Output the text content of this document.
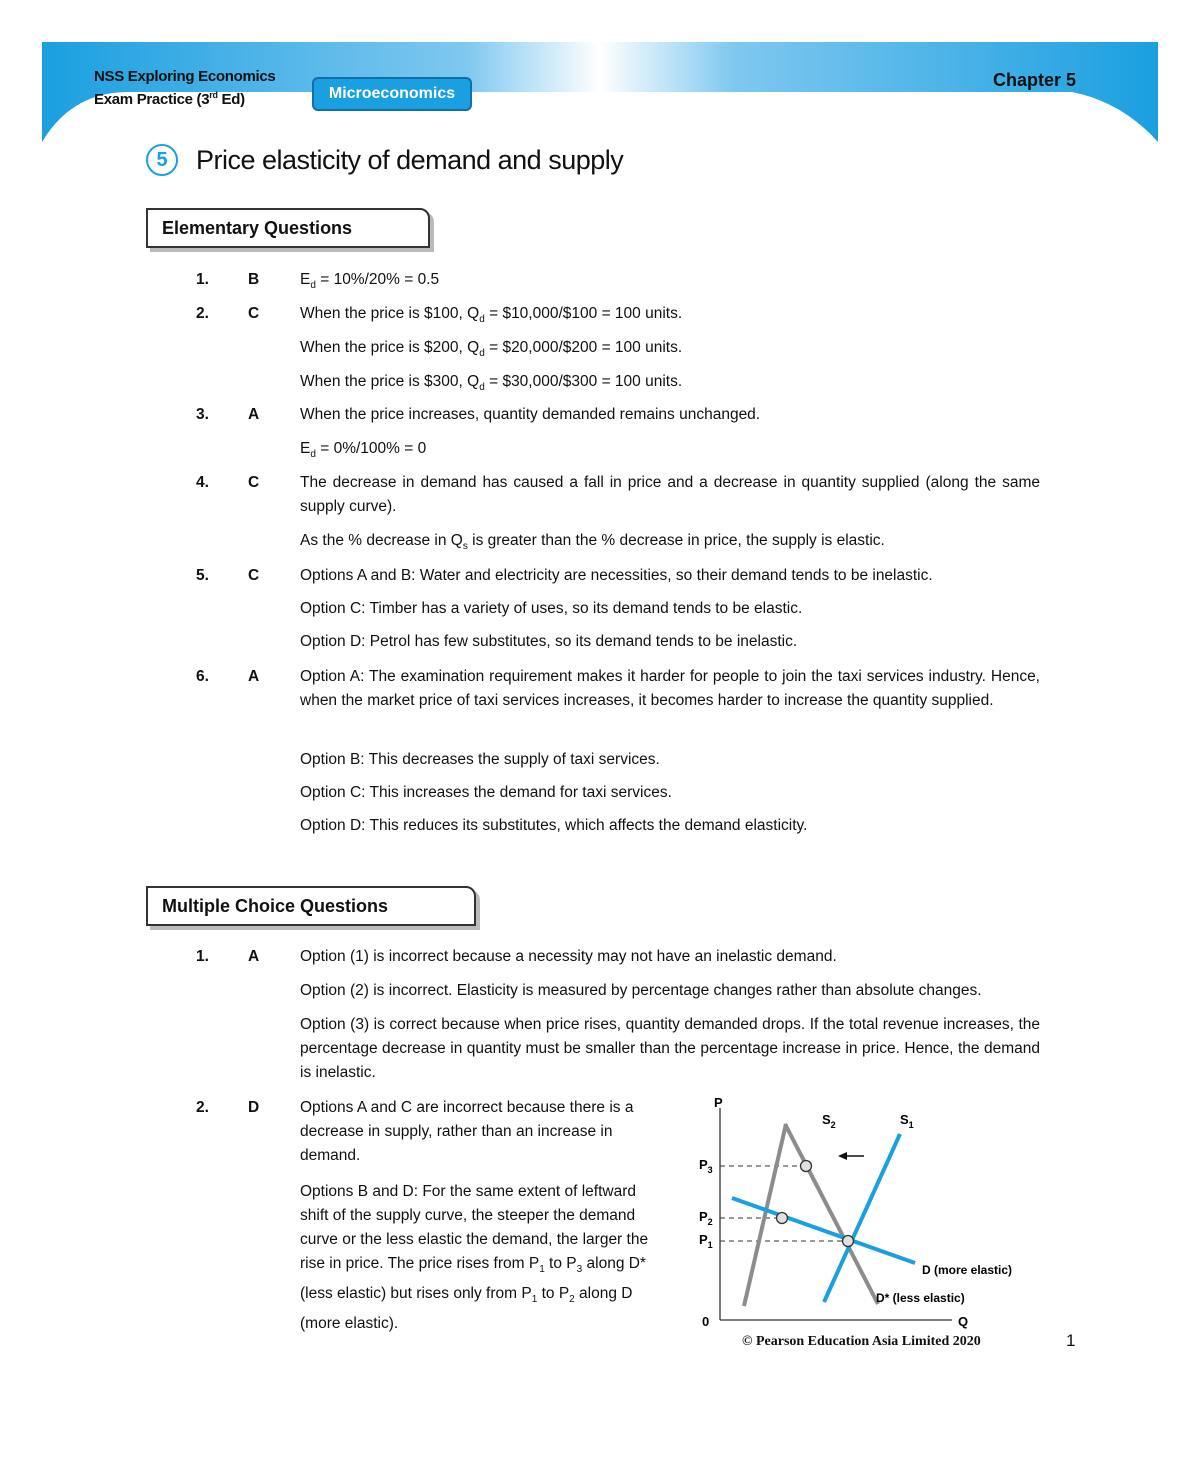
NSS Exploring Economics
Exam Practice (3rd Ed)	Microeconomics
Chapter 5
5	Price elasticity of demand and supply
Elementary Questions
Multiple Choice Questions
1.	B	$E_d = 10\%/20\% = 0.5$
2.	C	When the price is $100, $Q_d$ = $10,000/$100 = 100 units.
When the price is $200, $Q_d$ = $20,000/$200 = 100 units.
When the price is $300, $Q_d$ = $30,000/$300 = 100 units.
3.	A	When the price increases, quantity demanded remains unchanged.
$E_d = 0\%/100\% = 0$
4.	C	The decrease in demand has caused a fall in price and a decrease in quantity supplied (along the same supply curve).
As the % decrease in $Q_s$ is greater than the % decrease in price, the supply is elastic.
5.	C	Options A and B: Water and electricity are necessities, so their demand tends to be inelastic.
Option C: Timber has a variety of uses, so its demand tends to be elastic.
Option D: Petrol has few substitutes, so its demand tends to be inelastic.
6.	A	Option A: The examination requirement makes it harder for people to join the taxi services industry. Hence, when the market price of taxi services increases, it becomes harder to increase the quantity supplied.
Option B: This decreases the supply of taxi services.
Option C: This increases the demand for taxi services.
Option D: This reduces its substitutes, which affects the demand elasticity.
1.	A	Option (1) is incorrect because a necessity may not have an inelastic demand.
Option (2) is incorrect. Elasticity is measured by percentage changes rather than absolute changes.
Option (3) is correct because when price rises, quantity demanded drops. If the total revenue increases, the percentage decrease in quantity must be smaller than the percentage increase in price. Hence, the demand is inelastic.
2.	D	Options A and C are incorrect because there is a decrease in supply, rather than an increase in demand.
Options B and D: For the same extent of leftward shift of the supply curve, the steeper the demand curve or the less elastic the demand, the larger the rise in price. The price rises from $P_1$ to $P_3$ along D* (less elastic) but rises only from $P_1$ to $P_2$ along D (more elastic).
P
Q
0
$S_2$	$S_1$
$P_3$
$P_2$
$P_1$
D (more elastic)
D* (less elastic)
© Pearson Education Asia Limited 2020	1
